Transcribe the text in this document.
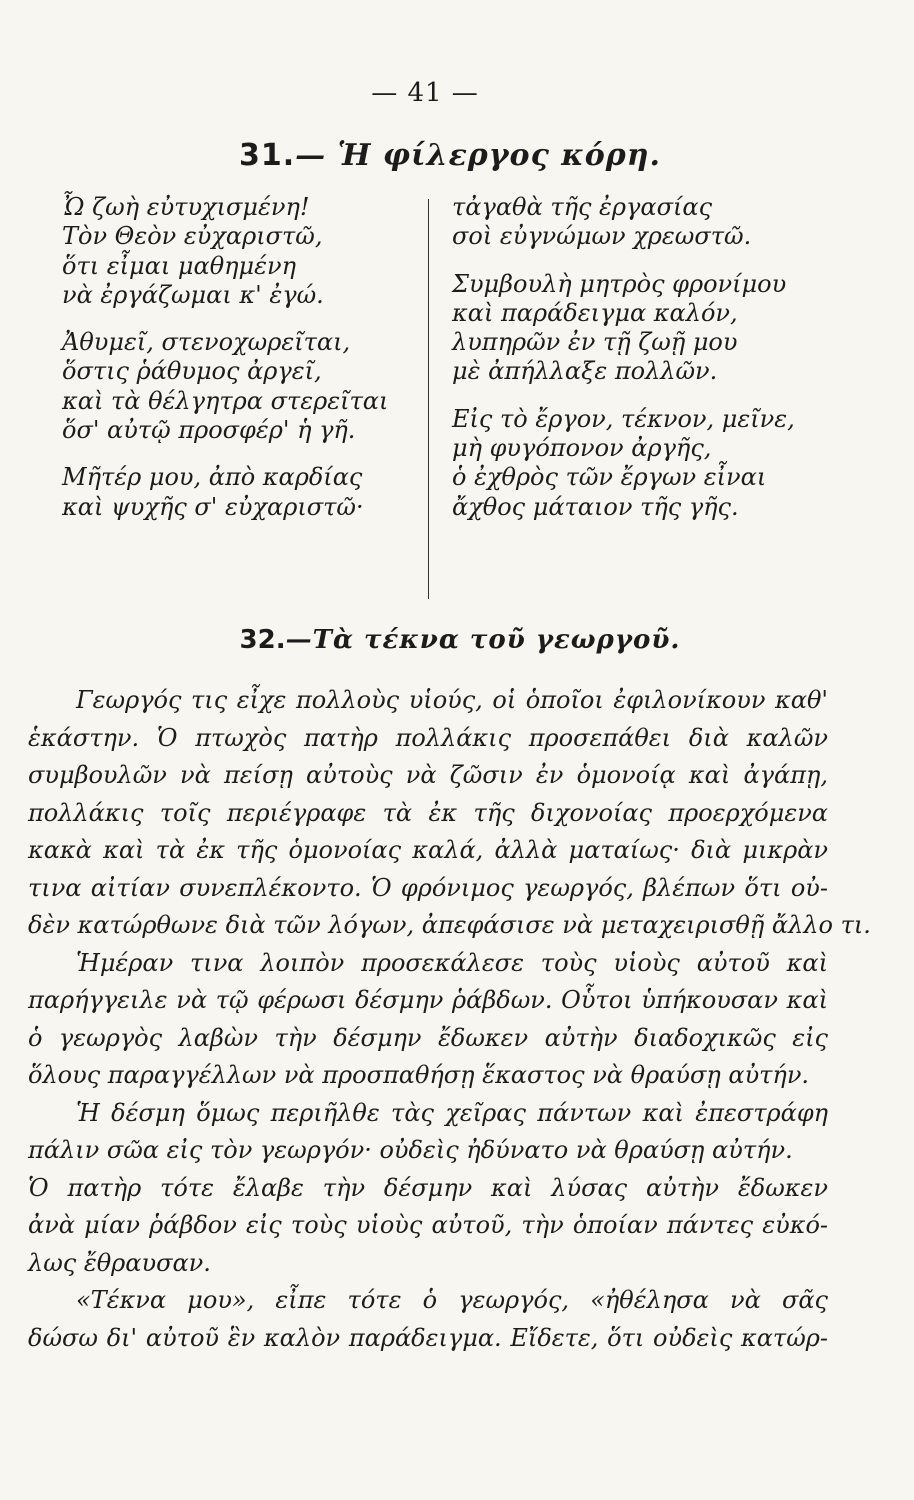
— 41 —
31.— Ἡ φίλεργος κόρη.
Ὦ ζωὴ εὐτυχισμένη!
Τὸν Θεὸν εὐχαριστῶ,
ὅτι εἶμαι μαθημένη
νὰ ἐργάζωμαι κ' ἐγώ.
Ἀθυμεῖ, στενοχωρεῖται,
ὅστις ῥάθυμος ἀργεῖ,
καὶ τὰ θέλγητρα στερεῖται
ὅσ' αὐτῷ προσφέρ' ἡ γῆ.
Μῆτέρ μου, ἀπὸ καρδίας
καὶ ψυχῆς σ' εὐχαριστῶ·
τἀγαθὰ τῆς ἐργασίας
σοὶ εὐγνώμων χρεωστῶ.
Συμβουλὴ μητρὸς φρονίμου
καὶ παράδειγμα καλόν,
λυπηρῶν ἐν τῇ ζωῇ μου
μὲ ἀπήλλαξε πολλῶν.
Εἰς τὸ ἔργον, τέκνον, μεῖνε,
μὴ φυγόπονον ἀργῆς,
ὁ ἐχθρὸς τῶν ἔργων εἶναι
ἄχθος μάταιον τῆς γῆς.
32.—Τὰ τέκνα τοῦ γεωργοῦ.
Γεωργός τις εἶχε πολλοὺς υἱούς, οἱ ὁποῖοι ἐφιλονίκουν καθ'
ἑκάστην. Ὁ πτωχὸς πατὴρ πολλάκις προσεπάθει διὰ καλῶν
συμβουλῶν νὰ πείσῃ αὐτοὺς νὰ ζῶσιν ἐν ὁμονοίᾳ καὶ ἀγάπῃ,
πολλάκις τοῖς περιέγραφε τὰ ἐκ τῆς διχονοίας προερχόμενα
κακὰ καὶ τὰ ἐκ τῆς ὁμονοίας καλά, ἀλλὰ ματαίως· διὰ μικρὰν
τινα αἰτίαν συνεπλέκοντο. Ὁ φρόνιμος γεωργός, βλέπων ὅτι οὐ-
δὲν κατώρθωνε διὰ τῶν λόγων, ἀπεφάσισε νὰ μεταχειρισθῇ ἄλλο τι.
Ἡμέραν τινα λοιπὸν προσεκάλεσε τοὺς υἱοὺς αὐτοῦ καὶ
παρήγγειλε νὰ τῷ φέρωσι δέσμην ῥάβδων. Οὗτοι ὑπήκουσαν καὶ
ὁ γεωργὸς λαβὼν τὴν δέσμην ἔδωκεν αὐτὴν διαδοχικῶς εἰς
ὅλους παραγγέλλων νὰ προσπαθήσῃ ἕκαστος νὰ θραύσῃ αὐτήν.
Ἡ δέσμη ὅμως περιῆλθε τὰς χεῖρας πάντων καὶ ἐπεστράφη
πάλιν σῶα εἰς τὸν γεωργόν· οὐδεὶς ἠδύνατο νὰ θραύσῃ αὐτήν.
Ὁ πατὴρ τότε ἔλαβε τὴν δέσμην καὶ λύσας αὐτὴν ἔδωκεν
ἀνὰ μίαν ῥάβδον εἰς τοὺς υἱοὺς αὐτοῦ, τὴν ὁποίαν πάντες εὐκό-
λως ἔθραυσαν.
«Τέκνα μου», εἶπε τότε ὁ γεωργός, «ἠθέλησα νὰ σᾶς
δώσω δι' αὐτοῦ ἓν καλὸν παράδειγμα. Εἴδετε, ὅτι οὐδεὶς κατώρ-
